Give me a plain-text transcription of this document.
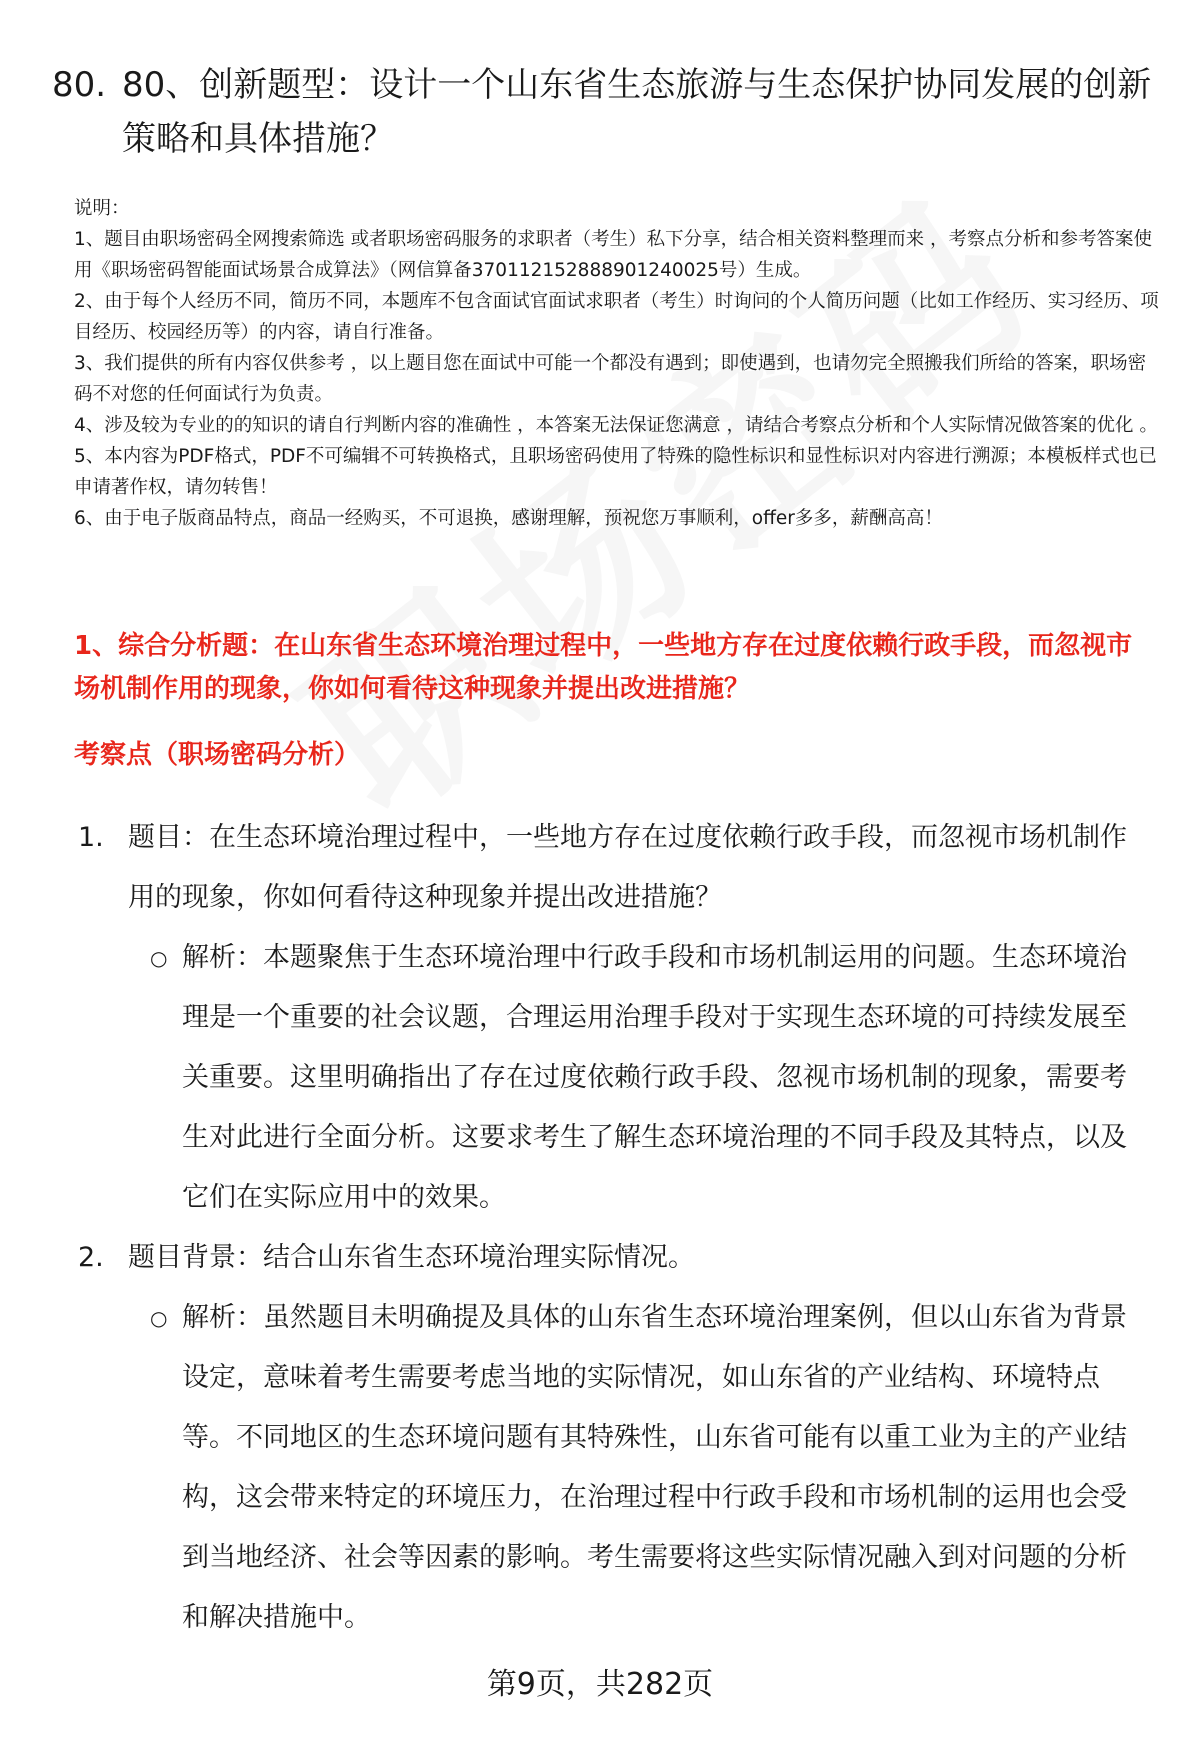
80. 80、创新题型：设计一个山东省生态旅游与生态保护协同发展的创新策略和具体措施？
说明：
1、题目由职场密码全网搜索筛选 或者职场密码服务的求职者（考生）私下分享，结合相关资料整理而来 ，考察点分析和参考答案使用《职场密码智能面试场景合成算法》（网信算备370112152888901240025号）生成。
2、由于每个人经历不同，简历不同，本题库不包含面试官面试求职者（考生）时询问的个人简历问题（比如工作经历、实习经历、项目经历、校园经历等）的内容，请自行准备。
3、我们提供的所有内容仅供参考 ，以上题目您在面试中可能一个都没有遇到；即使遇到，也请勿完全照搬我们所给的答案，职场密码不对您的任何面试行为负责。
4、涉及较为专业的的知识的请自行判断内容的准确性 ，本答案无法保证您满意 ，请结合考察点分析和个人实际情况做答案的优化 。
5、本内容为PDF格式，PDF不可编辑不可转换格式，且职场密码使用了特殊的隐性标识和显性标识对内容进行溯源；本模板样式也已申请著作权，请勿转售！
6、由于电子版商品特点，商品一经购买，不可退换，感谢理解，预祝您万事顺利，offer多多，薪酬高高！
1、综合分析题：在山东省生态环境治理过程中，一些地方存在过度依赖行政手段，而忽视市场机制作用的现象，你如何看待这种现象并提出改进措施？
考察点（职场密码分析）
1. 题目：在生态环境治理过程中，一些地方存在过度依赖行政手段，而忽视市场机制作用的现象，你如何看待这种现象并提出改进措施？
○ 解析：本题聚焦于生态环境治理中行政手段和市场机制运用的问题。生态环境治理是一个重要的社会议题，合理运用治理手段对于实现生态环境的可持续发展至关重要。这里明确指出了存在过度依赖行政手段、忽视市场机制的现象，需要考生对此进行全面分析。这要求考生了解生态环境治理的不同手段及其特点，以及它们在实际应用中的效果。
2. 题目背景：结合山东省生态环境治理实际情况。
○ 解析：虽然题目未明确提及具体的山东省生态环境治理案例，但以山东省为背景设定，意味着考生需要考虑当地的实际情况，如山东省的产业结构、环境特点等。不同地区的生态环境问题有其特殊性，山东省可能有以重工业为主的产业结构，这会带来特定的环境压力，在治理过程中行政手段和市场机制的运用也会受到当地经济、社会等因素的影响。考生需要将这些实际情况融入到对问题的分析和解决措施中。
第9页，共282页
